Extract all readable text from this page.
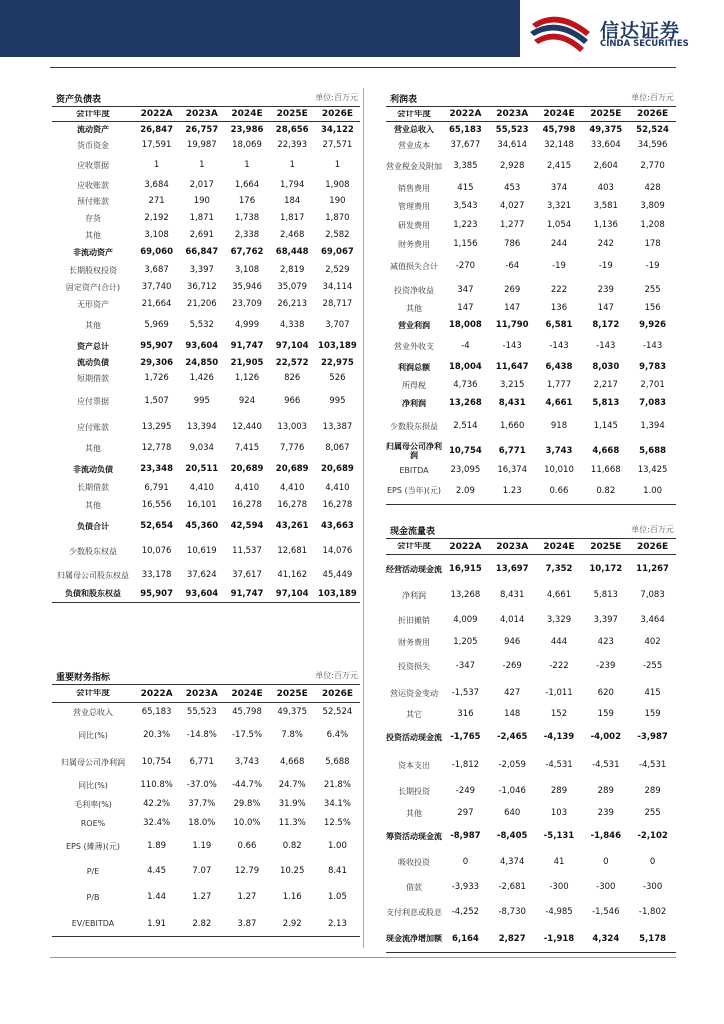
信达证券
CINDA SECURITIES
资产负债表	单位:百万元
会计年度	2022A	2023A	2024E	2025E	2026E
流动资产	26,847	26,757	23,986	28,656	34,122
货币资金	17,591	19,987	18,069	22,393	27,571
应收票据	1	1	1	1	1
应收账款	3,684	2,017	1,664	1,794	1,908
预付账款	271	190	176	184	190
存货	2,192	1,871	1,738	1,817	1,870
其他	3,108	2,691	2,338	2,468	2,582
非流动资产	69,060	66,847	67,762	68,448	69,067
长期股权投资	3,687	3,397	3,108	2,819	2,529
固定资产(合计)	37,740	36,712	35,946	35,079	34,114
无形资产	21,664	21,206	23,709	26,213	28,717
其他	5,969	5,532	4,999	4,338	3,707
资产总计	95,907	93,604	91,747	97,104	103,189
流动负债	29,306	24,850	21,905	22,572	22,975
短期借款	1,726	1,426	1,126	826	526
应付票据	1,507	995	924	966	995
应付账款	13,295	13,394	12,440	13,003	13,387
其他	12,778	9,034	7,415	7,776	8,067
非流动负债	23,348	20,511	20,689	20,689	20,689
长期借款	6,791	4,410	4,410	4,410	4,410
其他	16,556	16,101	16,278	16,278	16,278
负债合计	52,654	45,360	42,594	43,261	43,663
少数股东权益	10,076	10,619	11,537	12,681	14,076
归属母公司股东权益	33,178	37,624	37,617	41,162	45,449
负债和股东权益	95,907	93,604	91,747	97,104	103,189
重要财务指标	单位:百万元
会计年度	2022A	2023A	2024E	2025E	2026E
营业总收入	65,183	55,523	45,798	49,375	52,524
同比(%)	20.3%	-14.8%	-17.5%	7.8%	6.4%
归属母公司净利润	10,754	6,771	3,743	4,668	5,688
同比(%)	110.8%	-37.0%	-44.7%	24.7%	21.8%
毛利率(%)	42.2%	37.7%	29.8%	31.9%	34.1%
ROE%	32.4%	18.0%	10.0%	11.3%	12.5%
EPS (摊薄)(元)	1.89	1.19	0.66	0.82	1.00
P/E	4.45	7.07	12.79	10.25	8.41
P/B	1.44	1.27	1.27	1.16	1.05
EV/EBITDA	1.91	2.82	3.87	2.92	2.13
利润表	单位:百万元
会计年度	2022A	2023A	2024E	2025E	2026E
营业总收入	65,183	55,523	45,798	49,375	52,524
营业成本	37,677	34,614	32,148	33,604	34,596
营业税金及附加	3,385	2,928	2,415	2,604	2,770
销售费用	415	453	374	403	428
管理费用	3,543	4,027	3,321	3,581	3,809
研发费用	1,223	1,277	1,054	1,136	1,208
财务费用	1,156	786	244	242	178
减值损失合计	-270	-64	-19	-19	-19
投资净收益	347	269	222	239	255
其他	147	147	136	147	156
营业利润	18,008	11,790	6,581	8,172	9,926
营业外收支	-4	-143	-143	-143	-143
利润总额	18,004	11,647	6,438	8,030	9,783
所得税	4,736	3,215	1,777	2,217	2,701
净利润	13,268	8,431	4,661	5,813	7,083
少数股东损益	2,514	1,660	918	1,145	1,394
归属母公司净利润	10,754	6,771	3,743	4,668	5,688
EBITDA	23,095	16,374	10,010	11,668	13,425
EPS (当年)(元)	2.09	1.23	0.66	0.82	1.00
现金流量表	单位:百万元
会计年度	2022A	2023A	2024E	2025E	2026E
经营活动现金流 16,915	13,697	7,352	10,172	11,267
净利润	13,268	8,431	4,661	5,813	7,083
折旧摊销	4,009	4,014	3,329	3,397	3,464
财务费用	1,205	946	444	423	402
投资损失	-347	-269	-222	-239	-255
营运资金变动	-1,537	427	-1,011	620	415
其它	316	148	152	159	159
投资活动现金流 -1,765	-2,465	-4,139	-4,002	-3,987
资本支出	-1,812	-2,059	-4,531	-4,531	-4,531
长期投资	-249	-1,046	289	289	289
其他	297	640	103	239	255
筹资活动现金流 -8,987	-8,405	-5,131	-1,846	-2,102
吸收投资	0	4,374	41	0	0
借款	-3,933	-2,681	-300	-300	-300
支付利息或股息	-4,252	-8,730	-4,985	-1,546	-1,802
现金流净增加额	6,164	2,827	-1,918	4,324	5,178
